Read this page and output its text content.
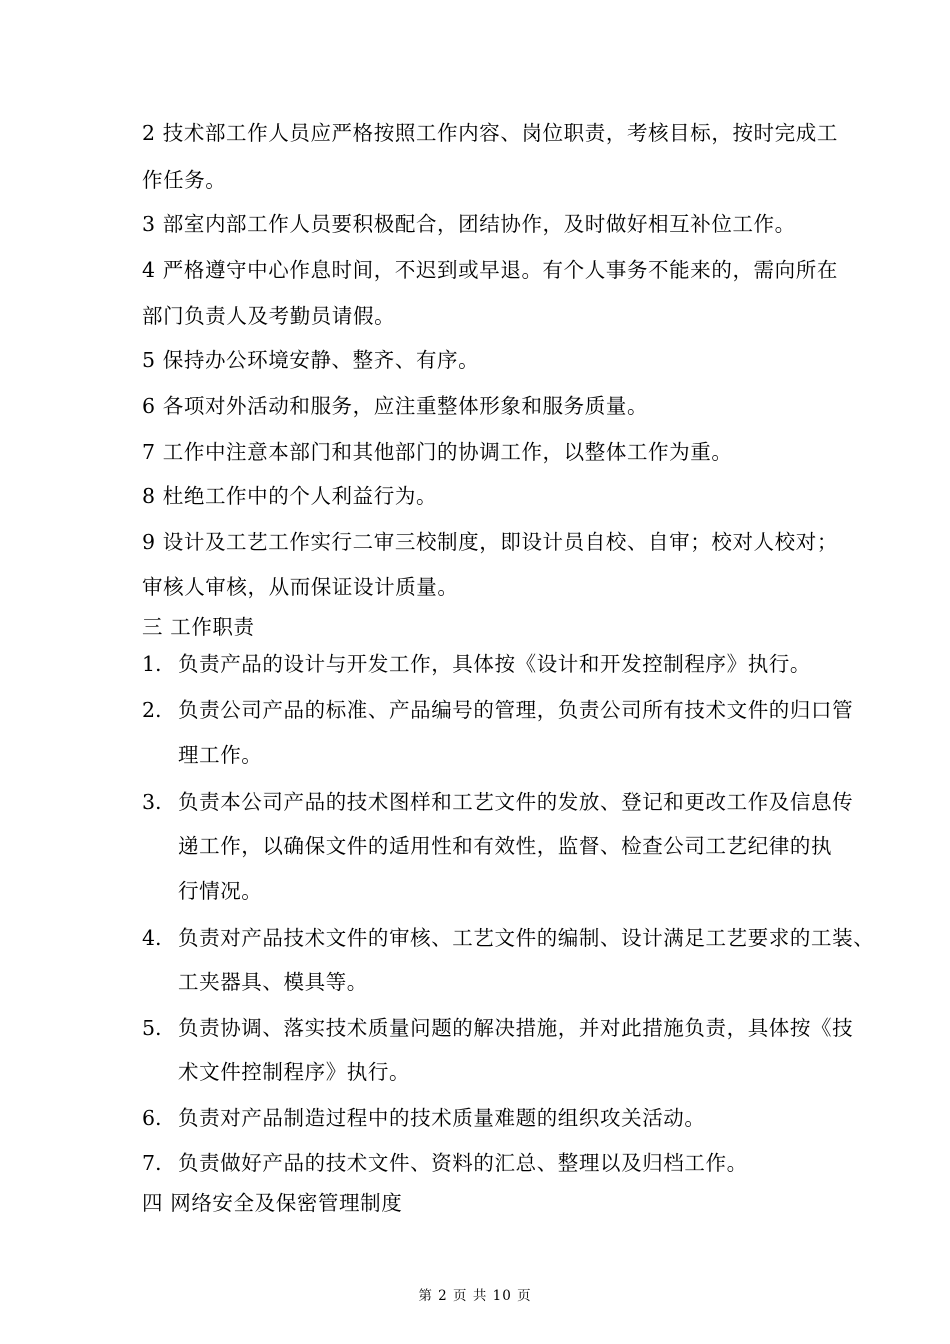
2 技术部工作人员应严格按照工作内容、岗位职责，考核目标，按时完成工
作任务。
3 部室内部工作人员要积极配合，团结协作，及时做好相互补位工作。
4 严格遵守中心作息时间，不迟到或早退。有个人事务不能来的，需向所在
部门负责人及考勤员请假。
5 保持办公环境安静、整齐、有序。
6 各项对外活动和服务，应注重整体形象和服务质量。
7 工作中注意本部门和其他部门的协调工作，以整体工作为重。
8 杜绝工作中的个人利益行为。
9 设计及工艺工作实行二审三校制度，即设计员自校、自审；校对人校对；
审核人审核，从而保证设计质量。
三 工作职责
1. 负责产品的设计与开发工作，具体按《设计和开发控制程序》执行。
2. 负责公司产品的标准、产品编号的管理，负责公司所有技术文件的归口管
理工作。
3. 负责本公司产品的技术图样和工艺文件的发放、登记和更改工作及信息传
递工作，以确保文件的适用性和有效性，监督、检查公司工艺纪律的执
行情况。
4. 负责对产品技术文件的审核、工艺文件的编制、设计满足工艺要求的工装、
工夹器具、模具等。
5. 负责协调、落实技术质量问题的解决措施，并对此措施负责，具体按《技
术文件控制程序》执行。
6. 负责对产品制造过程中的技术质量难题的组织攻关活动。
7. 负责做好产品的技术文件、资料的汇总、整理以及归档工作。
四 网络安全及保密管理制度
第 2 页 共 10 页
